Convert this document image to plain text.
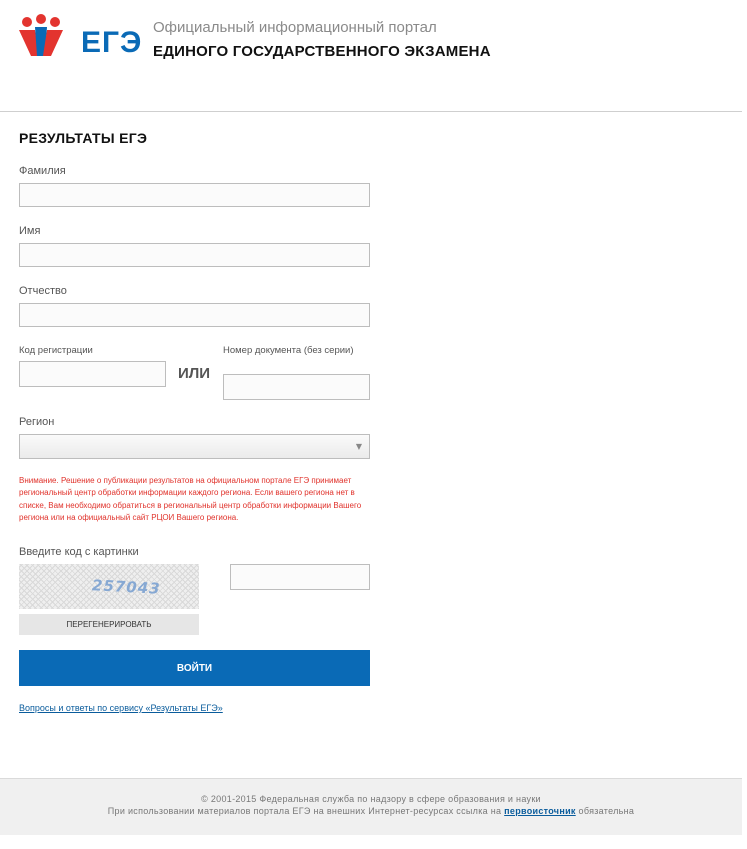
ЕГЭ Официальный информационный портал
ЕДИНОГО ГОСУДАРСТВЕННОГО ЭКЗАМЕНА
РЕЗУЛЬТАТЫ ЕГЭ
Фамилия
Имя
Отчество
Код регистрации
ИЛИ
Номер документа (без серии)
Регион
▼
Внимание. Решение о публикации результатов на официальном портале ЕГЭ принимает региональный центр обработки информации каждого региона. Если вашего региона нет в списке, Вам необходимо обратиться в региональный центр обработки информации Вашего региона или на официальный сайт РЦОИ Вашего региона.
Введите код с картинки
257043
ПЕРЕГЕНЕРИРОВАТЬ
ВОЙТИ
Вопросы и ответы по сервису «Результаты ЕГЭ»
© 2001-2015 Федеральная служба по надзору в сфере образования и науки
При использовании материалов портала ЕГЭ на внешних Интернет-ресурсах ссылка на первоисточник обязательна
